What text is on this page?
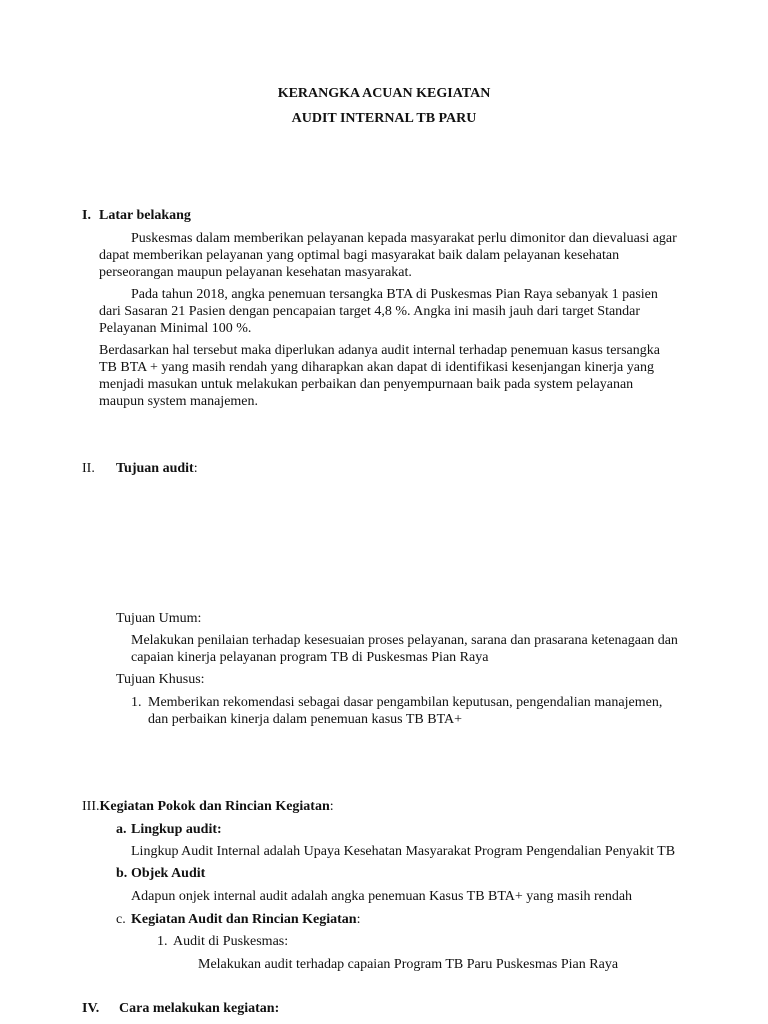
KERANGKA ACUAN KEGIATAN
AUDIT INTERNAL TB PARU
I. Latar belakang
Puskesmas dalam memberikan pelayanan kepada masyarakat perlu dimonitor dan dievaluasi agar
dapat memberikan pelayanan yang optimal bagi masyarakat baik dalam pelayanan kesehatan
perseorangan maupun pelayanan kesehatan masyarakat.
Pada tahun 2018, angka penemuan tersangka BTA di Puskesmas Pian Raya sebanyak 1 pasien
dari Sasaran 21 Pasien dengan pencapaian target 4,8 %. Angka ini masih jauh dari target Standar
Pelayanan Minimal 100 %.
Berdasarkan hal tersebut maka diperlukan adanya audit internal terhadap penemuan kasus tersangka
TB BTA + yang masih rendah yang diharapkan akan dapat di identifikasi kesenjangan kinerja yang
menjadi masukan untuk melakukan perbaikan dan penyempurnaan baik pada system pelayanan
maupun system manajemen.
II. Tujuan audit:
Tujuan Umum:
Melakukan penilaian terhadap kesesuaian proses pelayanan, sarana dan prasarana ketenagaan dan
capaian kinerja pelayanan program TB di Puskesmas Pian Raya
Tujuan Khusus:
1. Memberikan rekomendasi sebagai dasar pengambilan keputusan, pengendalian manajemen,
dan perbaikan kinerja dalam penemuan kasus TB BTA+
III.Kegiatan Pokok dan Rincian Kegiatan:
a. Lingkup audit:
Lingkup Audit Internal adalah Upaya Kesehatan Masyarakat Program Pengendalian Penyakit TB
b. Objek Audit
Adapun onjek internal audit adalah angka penemuan Kasus TB BTA+ yang masih rendah
c. Kegiatan Audit dan Rincian Kegiatan:
1. Audit di Puskesmas:
Melakukan audit terhadap capaian Program TB Paru Puskesmas Pian Raya
IV. Cara melakukan kegiatan:
